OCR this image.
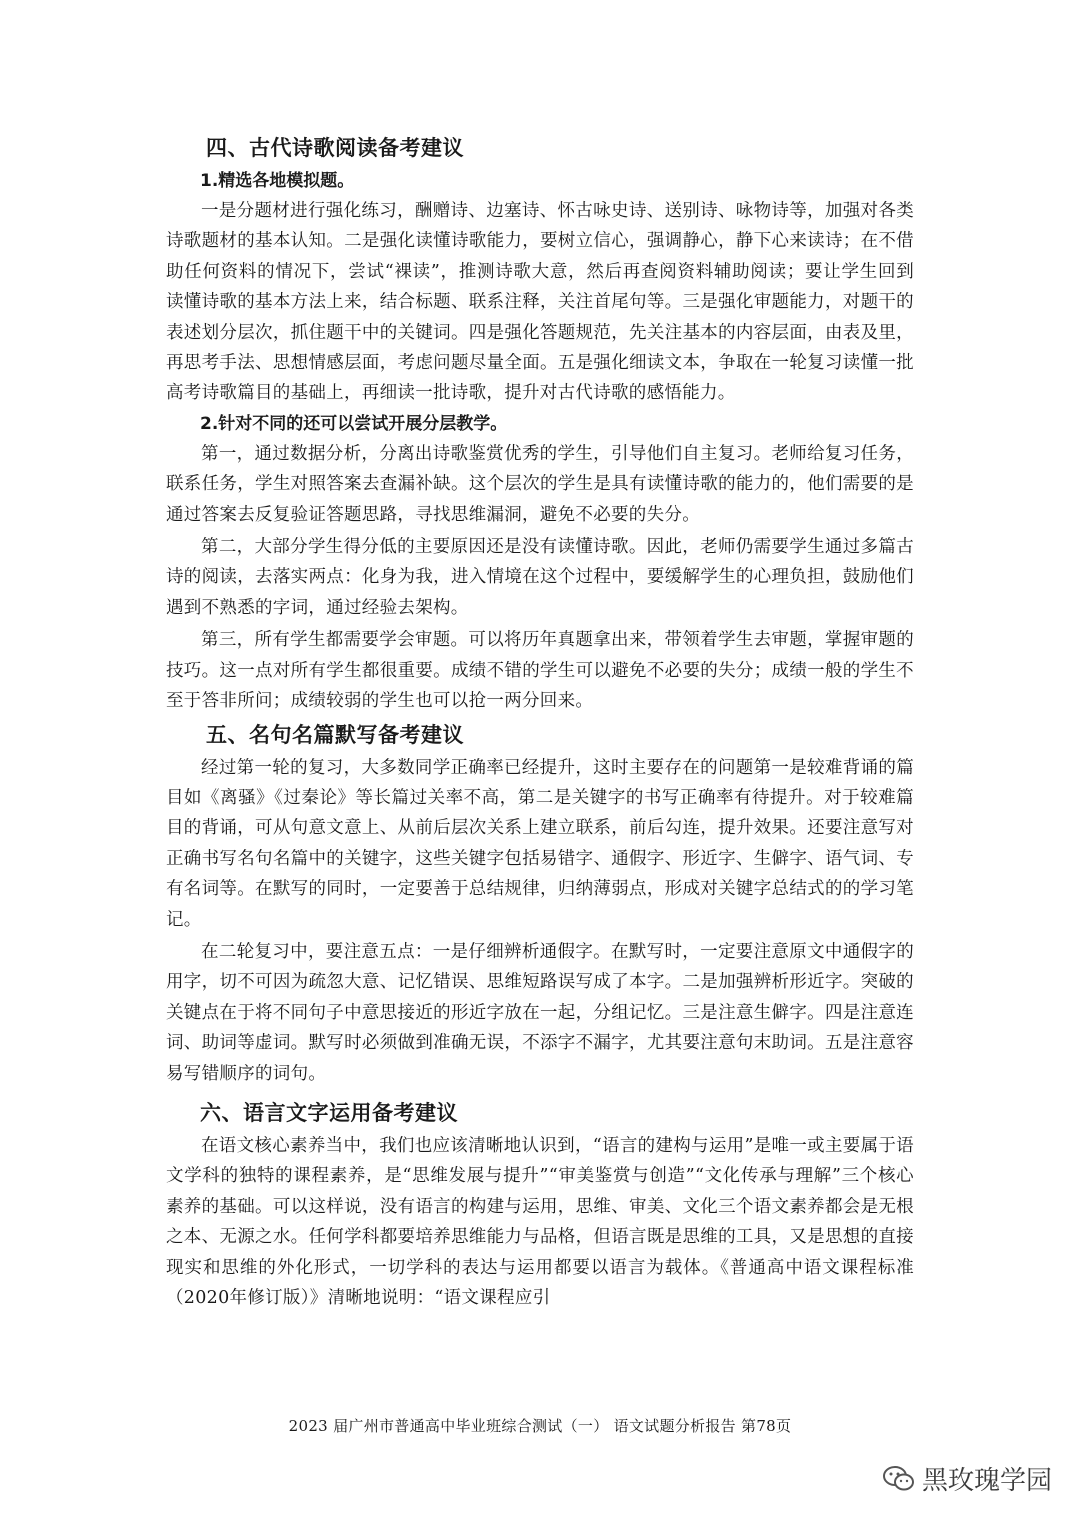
四、古代诗歌阅读备考建议
1.精选各地模拟题。

一是分题材进行强化练习，酬赠诗、边塞诗、怀古咏史诗、送别诗、咏物诗等，加强对各类诗歌题材的基本认知。二是强化读懂诗歌能力，要树立信心，强调静心，静下心来读诗；在不借助任何资料的情况下，尝试“裸读”，推测诗歌大意，然后再查阅资料辅助阅读；要让学生回到读懂诗歌的基本方法上来，结合标题、联系注释，关注首尾句等。三是强化审题能力，对题干的表述划分层次，抓住题干中的关键词。四是强化答题规范，先关注基本的内容层面，由表及里，再思考手法、思想情感层面，考虑问题尽量全面。五是强化细读文本，争取在一轮复习读懂一批高考诗歌篇目的基础上，再细读一批诗歌，提升对古代诗歌的感悟能力。

2.针对不同的还可以尝试开展分层教学。

第一，通过数据分析，分离出诗歌鉴赏优秀的学生，引导他们自主复习。老师给复习任务，联系任务，学生对照答案去查漏补缺。这个层次的学生是具有读懂诗歌的能力的，他们需要的是通过答案去反复验证答题思路，寻找思维漏洞，避免不必要的失分。

第二，大部分学生得分低的主要原因还是没有读懂诗歌。因此，老师仍需要学生通过多篇古诗的阅读，去落实两点：化身为我，进入情境在这个过程中，要缓解学生的心理负担，鼓励他们遇到不熟悉的字词，通过经验去架构。

第三，所有学生都需要学会审题。可以将历年真题拿出来，带领着学生去审题，掌握审题的技巧。这一点对所有学生都很重要。成绩不错的学生可以避免不必要的失分；成绩一般的学生不至于答非所问；成绩较弱的学生也可以抢一两分回来。

五、名句名篇默写备考建议

经过第一轮的复习，大多数同学正确率已经提升，这时主要存在的问题第一是较难背诵的篇目如《离骚》《过秦论》等长篇过关率不高，第二是关键字的书写正确率有待提升。对于较难篇目的背诵，可从句意文意上、从前后层次关系上建立联系，前后勾连，提升效果。还要注意写对正确书写名句名篇中的关键字，这些关键字包括易错字、通假字、形近字、生僻字、语气词、专有名词等。在默写的同时，一定要善于总结规律，归纳薄弱点，形成对关键字总结式的的学习笔记。

在二轮复习中，要注意五点：一是仔细辨析通假字。在默写时，一定要注意原文中通假字的用字，切不可因为疏忽大意、记忆错误、思维短路误写成了本字。二是加强辨析形近字。突破的关键点在于将不同句子中意思接近的形近字放在一起，分组记忆。三是注意生僻字。四是注意连词、助词等虚词。默写时必须做到准确无误，不添字不漏字，尤其要注意句末助词。五是注意容易写错顺序的词句。

六、语言文字运用备考建议

在语文核心素养当中，我们也应该清晰地认识到，“语言的建构与运用”是唯一或主要属于语文学科的独特的课程素养，是“思维发展与提升”“审美鉴赏与创造”“文化传承与理解”三个核心素养的基础。可以这样说，没有语言的构建与运用，思维、审美、文化三个语文素养都会是无根之本、无源之水。任何学科都要培养思维能力与品格，但语言既是思维的工具，又是思想的直接现实和思维的外化形式，一切学科的表达与运用都要以语言为载体。《普通高中语文课程标准（2020年修订版）》清晰地说明：“语文课程应引

2023 届广州市普通高中毕业班综合测试（一） 语文试题分析报告 第78页
黑玫瑰学园
